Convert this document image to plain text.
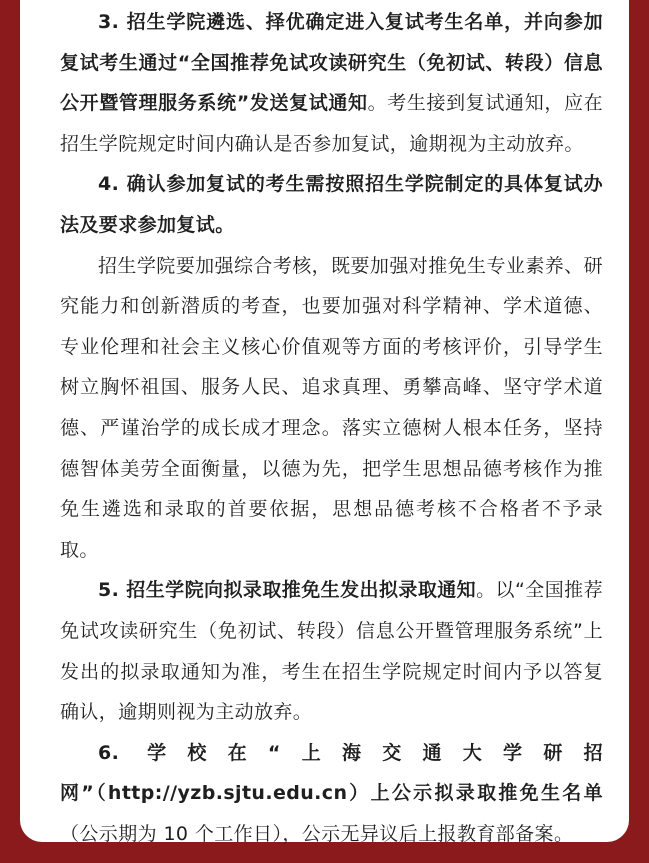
3. 招生学院遴选、择优确定进入复试考生名单，并向参加复试考生通过“全国推荐免试攻读研究生（免初试、转段）信息公开暨管理服务系统”发送复试通知。考生接到复试通知，应在招生学院规定时间内确认是否参加复试，逾期视为主动放弃。

4. 确认参加复试的考生需按照招生学院制定的具体复试办法及要求参加复试。

招生学院要加强综合考核，既要加强对推免生专业素养、研究能力和创新潜质的考查，也要加强对科学精神、学术道德、专业伦理和社会主义核心价值观等方面的考核评价，引导学生树立胸怀祖国、服务人民、追求真理、勇攀高峰、坚守学术道德、严谨治学的成长成才理念。落实立德树人根本任务，坚持德智体美劳全面衡量，以德为先，把学生思想品德考核作为推免生遴选和录取的首要依据，思想品德考核不合格者不予录取。

5. 招生学院向拟录取推免生发出拟录取通知。以“全国推荐免试攻读研究生（免初试、转段）信息公开暨管理服务系统”上发出的拟录取通知为准，考生在招生学院规定时间内予以答复确认，逾期则视为主动放弃。

6. 学校在“上海交通大学研招网”（http://yzb.sjtu.edu.cn）上公示拟录取推免生名单（公示期为 10 个工作日），公示无异议后上报教育部备案。
